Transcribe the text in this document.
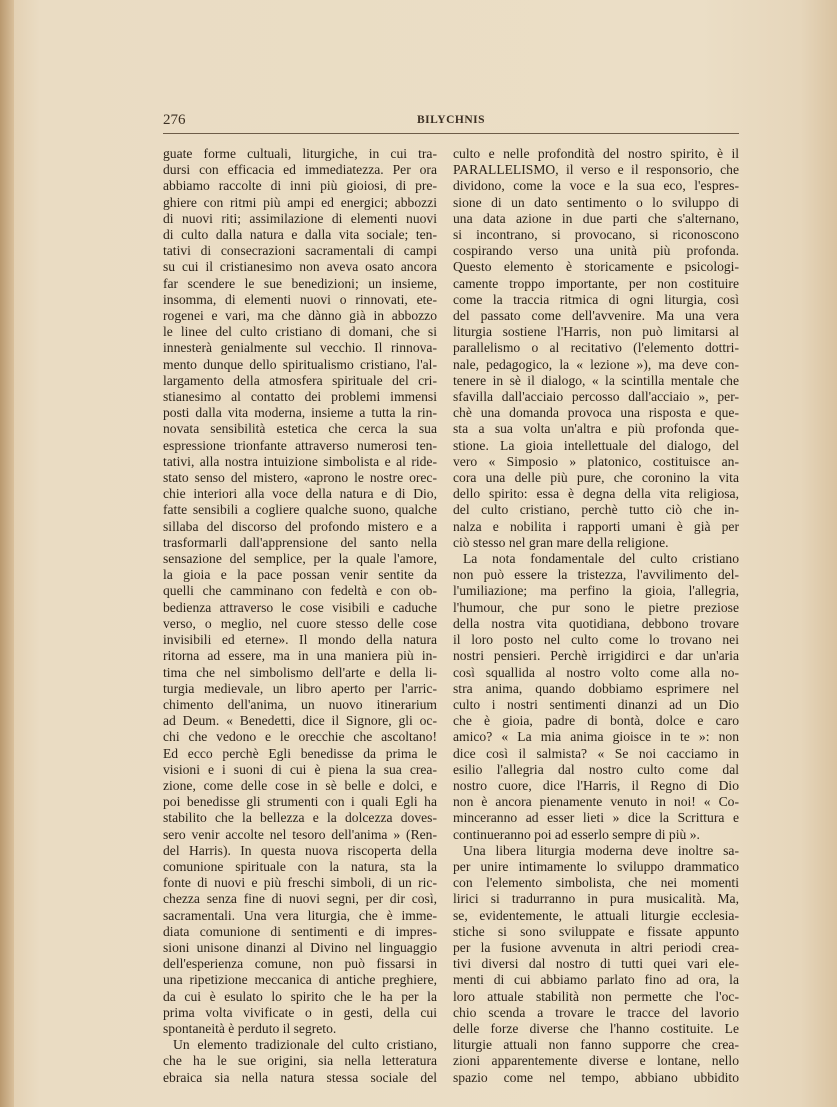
276	BILYCHNIS
guate forme cultuali, liturgiche, in cui tra-
dursi con efficacia ed immediatezza. Per ora
abbiamo raccolte di inni più gioiosi, di pre-
ghiere con ritmi più ampi ed energici; abbozzi
di nuovi riti; assimilazione di elementi nuovi
di culto dalla natura e dalla vita sociale; ten-
tativi di consecrazioni sacramentali di campi
su cui il cristianesimo non aveva osato ancora
far scendere le sue benedizioni; un insieme,
insomma, di elementi nuovi o rinnovati, ete-
rogenei e vari, ma che dànno già in abbozzo
le linee del culto cristiano di domani, che si
innesterà genialmente sul vecchio. Il rinnova-
mento dunque dello spiritualismo cristiano, l'al-
largamento della atmosfera spirituale del cri-
stianesimo al contatto dei problemi immensi
posti dalla vita moderna, insieme a tutta la rin-
novata sensibilità estetica che cerca la sua
espressione trionfante attraverso numerosi ten-
tativi, alla nostra intuizione simbolista e al ride-
stato senso del mistero, «aprono le nostre orec-
chie interiori alla voce della natura e di Dio,
fatte sensibili a cogliere qualche suono, qualche
sillaba del discorso del profondo mistero e a
trasformarli dall'apprensione del santo nella
sensazione del semplice, per la quale l'amore,
la gioia e la pace possan venir sentite da
quelli che camminano con fedeltà e con ob-
bedienza attraverso le cose visibili e caduche
verso, o meglio, nel cuore stesso delle cose
invisibili ed eterne». Il mondo della natura
ritorna ad essere, ma in una maniera più in-
tima che nel simbolismo dell'arte e della li-
turgia medievale, un libro aperto per l'arric-
chimento dell'anima, un nuovo itinerarium
ad Deum. « Benedetti, dice il Signore, gli oc-
chi che vedono e le orecchie che ascoltano!
Ed ecco perchè Egli benedisse da prima le
visioni e i suoni di cui è piena la sua crea-
zione, come delle cose in sè belle e dolci, e
poi benedisse gli strumenti con i quali Egli ha
stabilito che la bellezza e la dolcezza doves-
sero venir accolte nel tesoro dell'anima » (Ren-
del Harris). In questa nuova riscoperta della
comunione spirituale con la natura, sta la
fonte di nuovi e più freschi simboli, di un ric-
chezza senza fine di nuovi segni, per dir così,
sacramentali. Una vera liturgia, che è imme-
diata comunione di sentimenti e di impres-
sioni unisone dinanzi al Divino nel linguaggio
dell'esperienza comune, non può fissarsi in
una ripetizione meccanica di antiche preghiere,
da cui è esulato lo spirito che le ha per la
prima volta vivificate o in gesti, della cui
spontaneità è perduto il segreto.
Un elemento tradizionale del culto cristiano,
che ha le sue origini, sia nella letteratura
ebraica sia nella natura stessa sociale del
culto e nelle profondità del nostro spirito, è il
PARALLELISMO, il verso e il responsorio, che
dividono, come la voce e la sua eco, l'espres-
sione di un dato sentimento o lo sviluppo di
una data azione in due parti che s'alternano,
si incontrano, si provocano, si riconoscono
cospirando verso una unità più profonda.
Questo elemento è storicamente e psicologi-
camente troppo importante, per non costituire
come la traccia ritmica di ogni liturgia, così
del passato come dell'avvenire. Ma una vera
liturgia sostiene l'Harris, non può limitarsi al
parallelismo o al recitativo (l'elemento dottri-
nale, pedagogico, la « lezione »), ma deve con-
tenere in sè il dialogo, « la scintilla mentale che
sfavilla dall'acciaio percosso dall'acciaio », per-
chè una domanda provoca una risposta e que-
sta a sua volta un'altra e più profonda que-
stione. La gioia intellettuale del dialogo, del
vero « Simposio » platonico, costituisce an-
cora una delle più pure, che coronino la vita
dello spirito: essa è degna della vita religiosa,
del culto cristiano, perchè tutto ciò che in-
nalza e nobilita i rapporti umani è già per
ciò stesso nel gran mare della religione.
La nota fondamentale del culto cristiano
non può essere la tristezza, l'avvilimento del-
l'umiliazione; ma perfino la gioia, l'allegria,
l'humour, che pur sono le pietre preziose
della nostra vita quotidiana, debbono trovare
il loro posto nel culto come lo trovano nei
nostri pensieri. Perchè irrigidirci e dar un'aria
così squallida al nostro volto come alla no-
stra anima, quando dobbiamo esprimere nel
culto i nostri sentimenti dinanzi ad un Dio
che è gioia, padre di bontà, dolce e caro
amico? « La mia anima gioisce in te »: non
dice così il salmista? « Se noi cacciamo in
esilio l'allegria dal nostro culto come dal
nostro cuore, dice l'Harris, il Regno di Dio
non è ancora pienamente venuto in noi! « Co-
minceranno ad esser lieti » dice la Scrittura e
continueranno poi ad esserlo sempre di più ».
Una libera liturgia moderna deve inoltre sa-
per unire intimamente lo sviluppo drammatico
con l'elemento simbolista, che nei momenti
lirici si tradurranno in pura musicalità. Ma,
se, evidentemente, le attuali liturgie ecclesia-
stiche si sono sviluppate e fissate appunto
per la fusione avvenuta in altri periodi crea-
tivi diversi dal nostro di tutti quei vari ele-
menti di cui abbiamo parlato fino ad ora, la
loro attuale stabilità non permette che l'oc-
chio scenda a trovare le tracce del lavorio
delle forze diverse che l'hanno costituite. Le
liturgie attuali non fanno supporre che crea-
zioni apparentemente diverse e lontane, nello
spazio come nel tempo, abbiano ubbidito
